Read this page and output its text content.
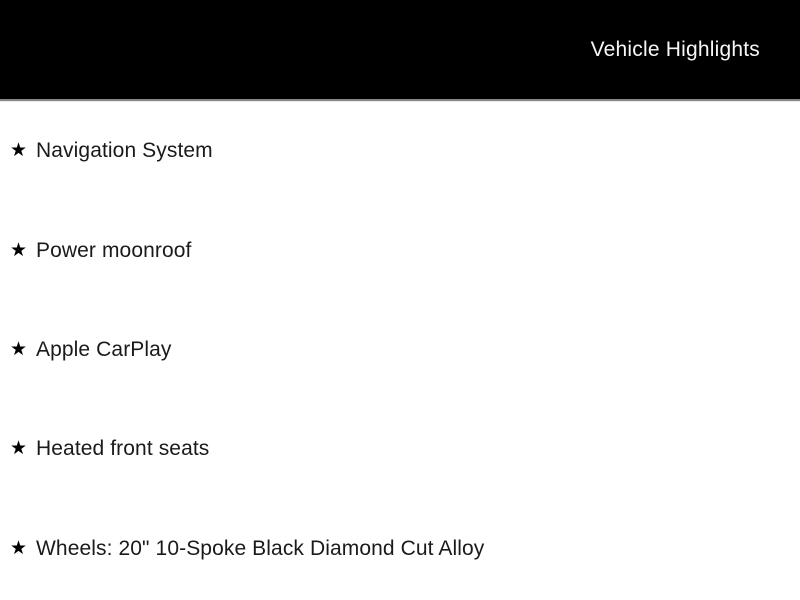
Vehicle Highlights
★ Navigation System
★ Power moonroof
★ Apple CarPlay
★ Heated front seats
★ Wheels: 20" 10-Spoke Black Diamond Cut Alloy
